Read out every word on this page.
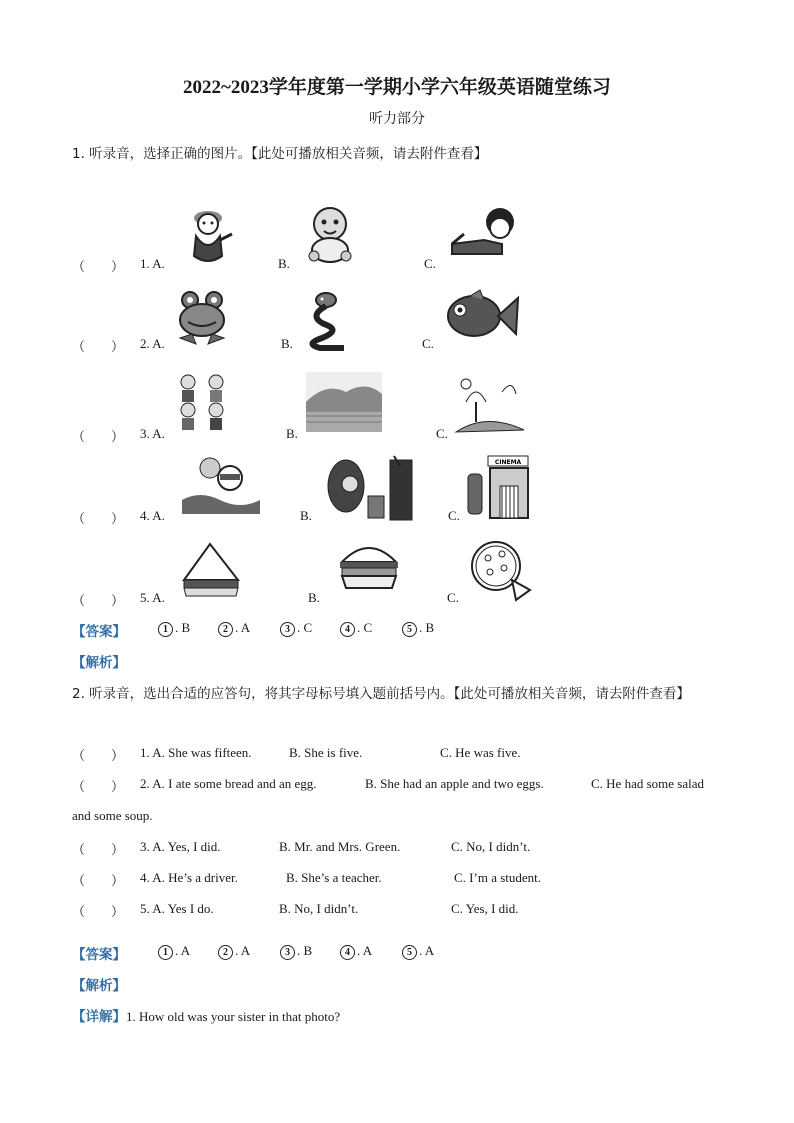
2022~2023学年度第一学期小学六年级英语随堂练习
听力部分
1. 听录音，选择正确的图片。【此处可播放相关音频，请去附件查看】
（　　） 1. A.	B.	C.
（　　） 2. A.	B.	C.
（　　） 3. A.	B.	C.
（　　） 4. A.	B.	C.
CINEMA
（　　） 5. A.	B.	C.
【答案】	1 . B	2 . A	3 . C	4 . C	5 . B
【解析】
2. 听录音，选出合适的应答句，将其字母标号填入题前括号内。【此处可播放相关音频，请去附件查看】
（　　） 1. A. She was fifteen.	B. She is five.	C. He was five.
（　　） 2. A. I ate some bread and an egg.	B. She had an apple and two eggs.	C. He had some salad
and some soup.
（　　） 3. A. Yes, I did.	B. Mr. and Mrs. Green.	C. No, I didn’t.
（　　） 4. A. He’s a driver.	B. She’s a teacher.	C. I’m a student.
（　　） 5. A. Yes I do.	B. No, I didn’t.	C. Yes, I did.
【答案】	1 . A	2 . A	3 . B	4 . A	5 . A
【解析】
【详解】1. How old was your sister in that photo?
